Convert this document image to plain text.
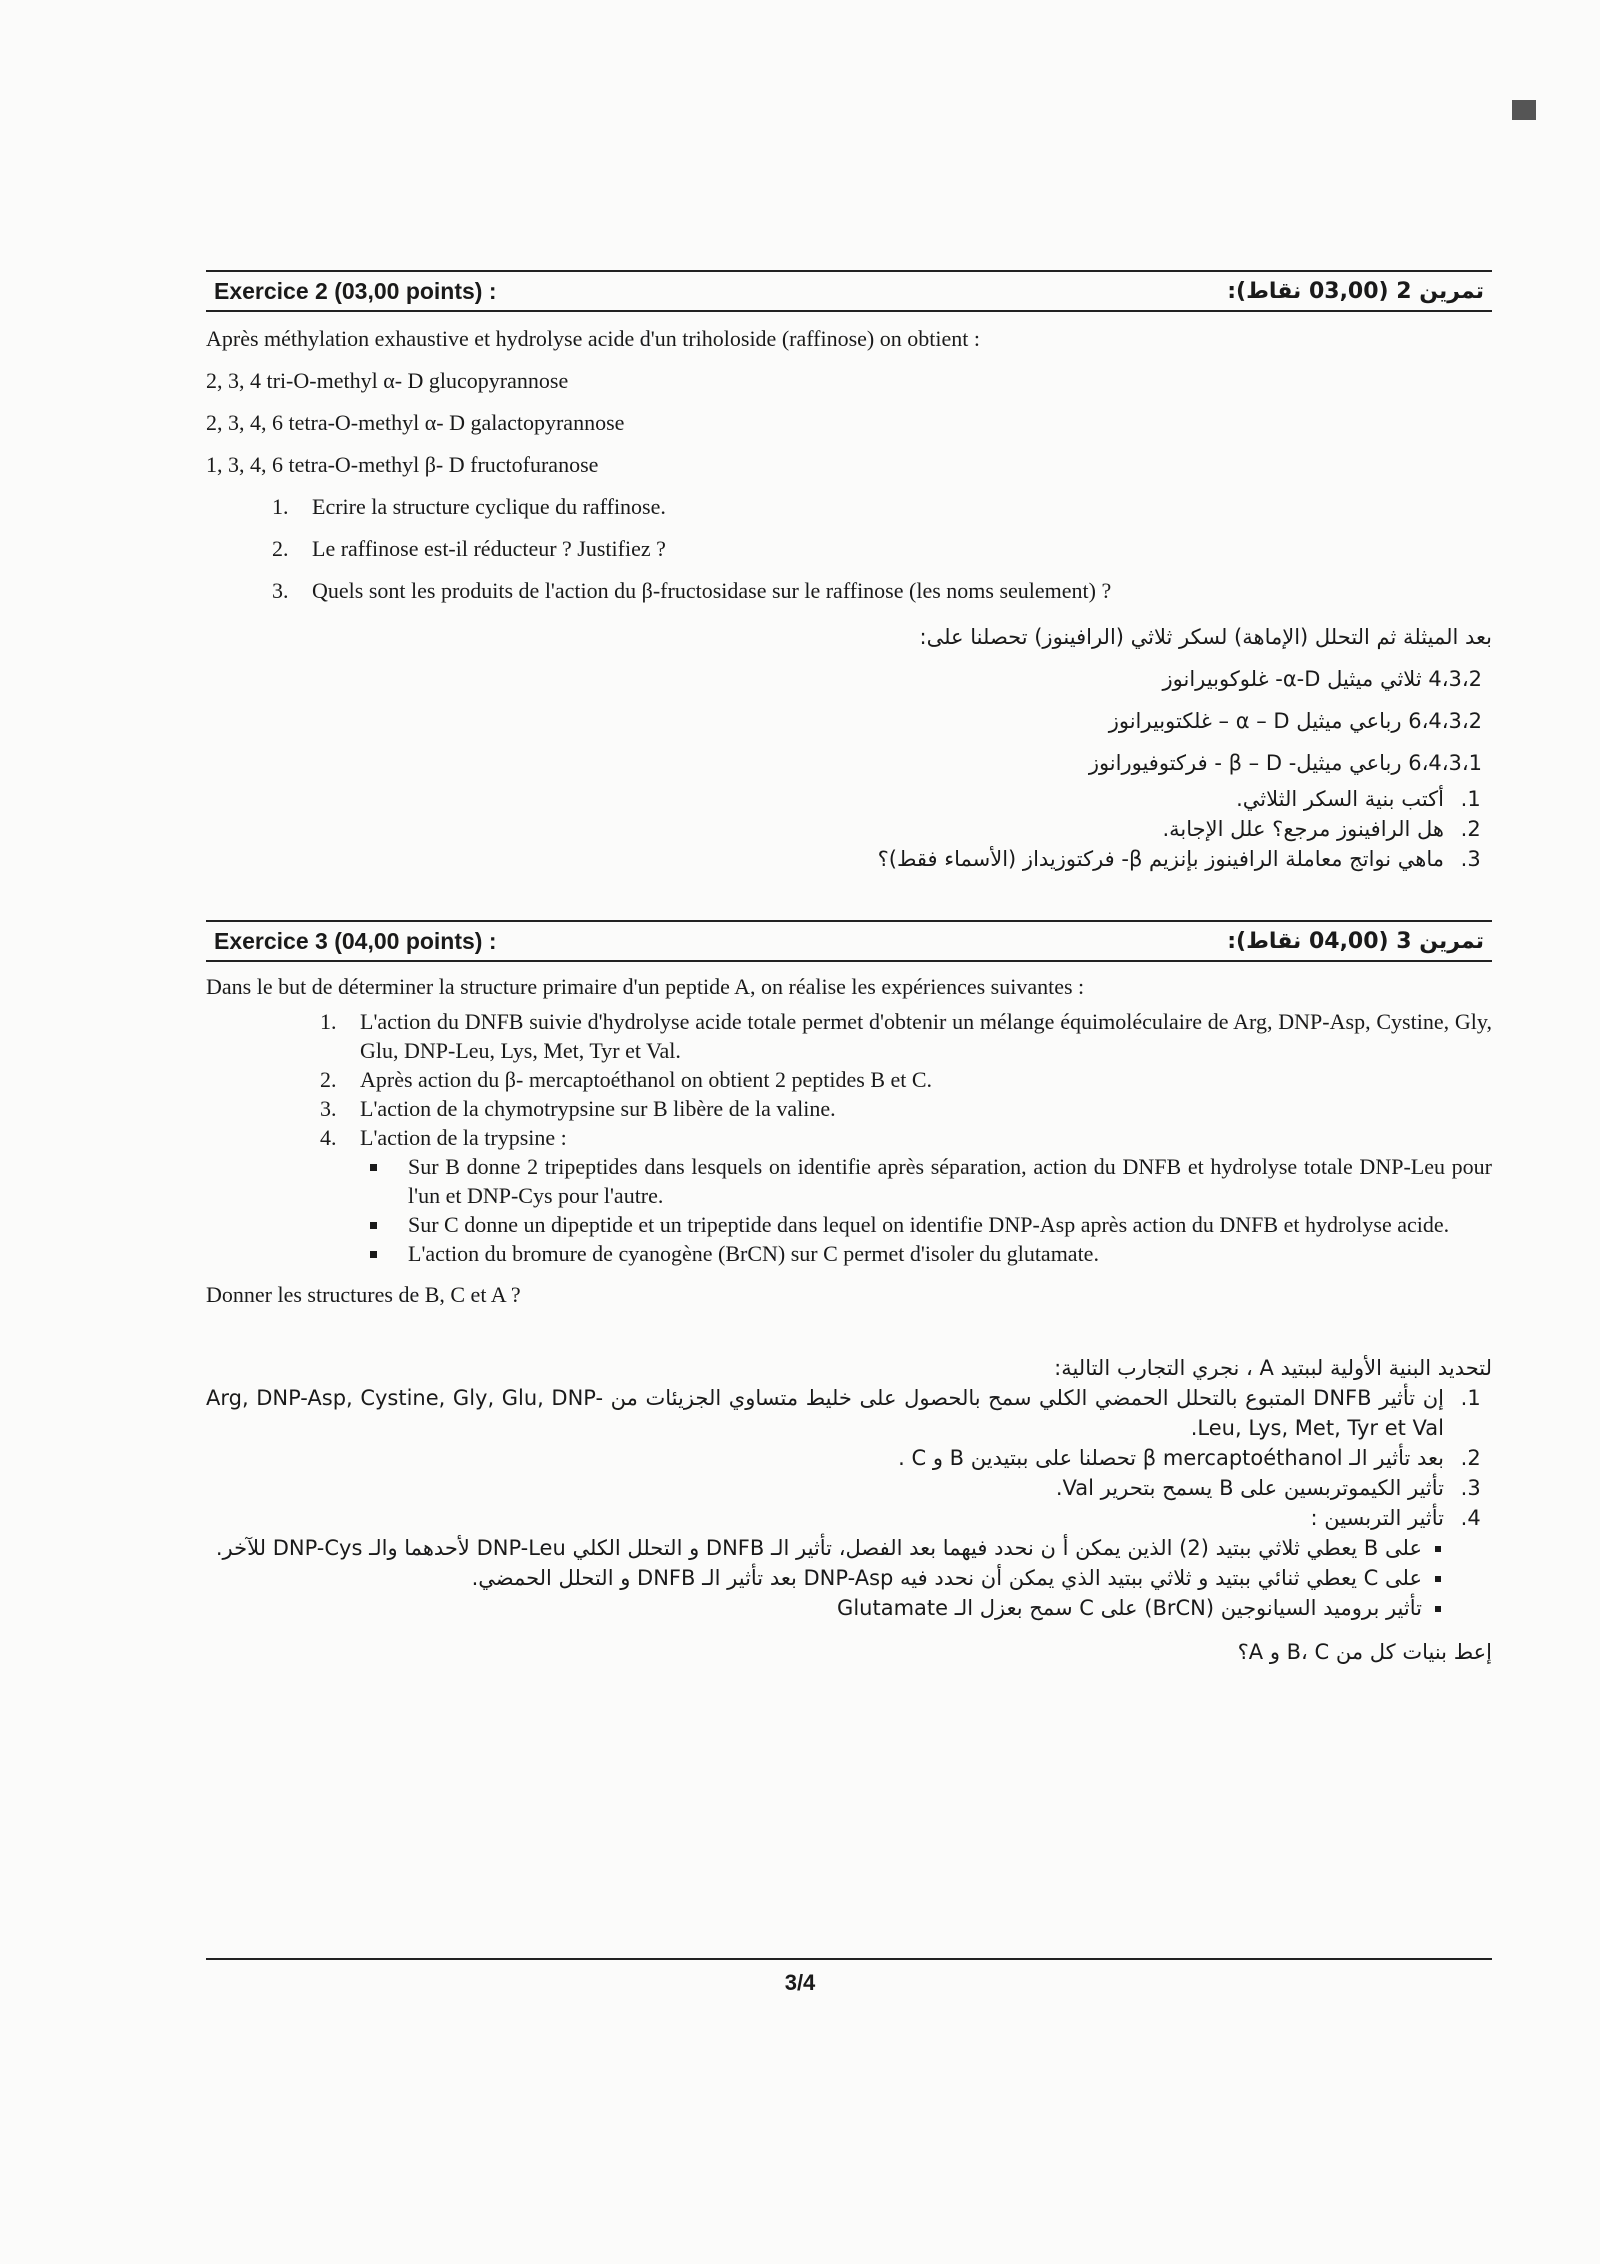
Exercice 2 (03,00 points) :	تمرين 2 (03,00 نقاط):

Après méthylation exhaustive et hydrolyse acide d'un triholoside (raffinose) on obtient :

2, 3, 4 tri-O-methyl α- D glucopyrannose

2, 3, 4, 6 tetra-O-methyl α- D galactopyrannose

1, 3, 4, 6 tetra-O-methyl β- D fructofuranose

1. Ecrire la structure cyclique du raffinose.
2. Le raffinose est-il réducteur ? Justifiez ?
3. Quels sont les produits de l'action du β-fructosidase sur le raffinose (les noms seulement) ?

بعد الميثلة ثم التحلل (الإماهة) لسكر ثلاثي (الرافينوز) تحصلنا على:

4،3،2 ثلاثي ميثيل α-D- غلوكوبيرانوز

6،4،3،2 رباعي ميثيل α – D – غلكتوبيرانوز

6،4،3،1 رباعي ميثيل- β – D - فركتوفيورانوز

1. أكتب بنية السكر الثلاثي.
2. هل الرافينوز مرجع؟ علل الإجابة.
3. ماهي نواتج معاملة الرافينوز بإنزيم β- فركتوزيداز (الأسماء فقط)؟
Exercice 3 (04,00 points) :	تمرين 3 (04,00 نقاط):

Dans le but de déterminer la structure primaire d'un peptide A, on réalise les expériences suivantes :

1. L'action du DNFB suivie d'hydrolyse acide totale permet d'obtenir un mélange équimoléculaire de Arg, DNP-Asp, Cystine, Gly, Glu, DNP-Leu, Lys, Met, Tyr et Val.
2. Après action du β- mercaptoéthanol on obtient 2 peptides B et C.
3. L'action de la chymotrypsine sur B libère de la valine.
4. L'action de la trypsine :
▪ Sur B donne 2 tripeptides dans lesquels on identifie après séparation, action du DNFB et hydrolyse totale DNP-Leu pour l'un et DNP-Cys pour l'autre.
▪ Sur C donne un dipeptide et un tripeptide dans lequel on identifie DNP-Asp après action du DNFB et hydrolyse acide.
▪ L'action du bromure de cyanogène (BrCN) sur C permet d'isoler du glutamate.

Donner les structures de B, C et A ?

لتحديد البنية الأولية لببتيد A ، نجري التجارب التالية:

1. إن تأثير DNFB المتبوع بالتحلل الحمضي الكلي سمح بالحصول على خليط متساوي الجزيئات من Arg, DNP-Asp, Cystine, Gly, Glu, DNP-Leu, Lys, Met, Tyr et Val.
2. بعد تأثير الـ β mercaptoéthanol تحصلنا على ببتيدين B و C .
3. تأثير الكيموتربسين على B يسمح بتحرير Val.
4. تأثير التربسين :
▪ على B يعطي ثلاثي ببتيد (2) الذين يمكن أ ن نحدد فيهما بعد الفصل، تأثير الـ DNFB و التحلل الكلي DNP-Leu لأحدهما والـ DNP-Cys للآخر.
▪ على C يعطي ثنائي ببتيد و ثلاثي ببتيد الذي يمكن أن نحدد فيه DNP-Asp بعد تأثير الـ DNFB و التحلل الحمضي.
▪ تأثير بروميد السيانوجين (BrCN) على C سمح بعزل الـ Glutamate

إعط بنيات كل من B، C و A؟

3/4
